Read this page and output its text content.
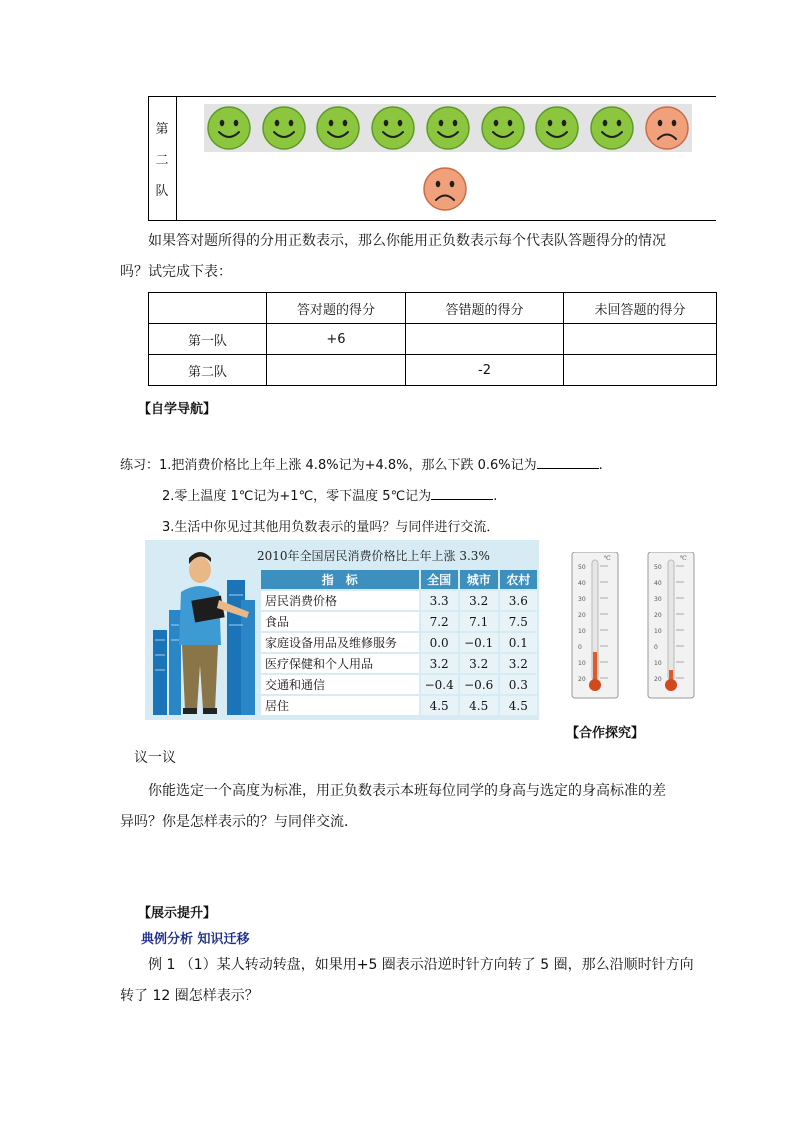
第
二
队
如果答对题所得的分用正数表示，那么你能用正负数表示每个代表队答题得分的情况
吗？试完成下表：
	答对题的得分	答错题的得分	未回答题的得分
第一队	+6		
第二队		-2	
【自学导航】
练习：1.把消费价格比上年上涨 4.8%记为+4.8%，那么下跌 0.6%记为	.
2.零上温度 1℃记为+1℃，零下温度 5℃记为	.
3.生活中你见过其他用负数表示的量吗？与同伴进行交流．
2010年全国居民消费价格比上年上涨 3.3%
指　标	全国	城市	农村
居民消费价格	3.3	3.2	3.6
食品	7.2	7.1	7.5
家庭设备用品及维修服务	0.0	−0.1	0.1
医疗保健和个人用品	3.2	3.2	3.2
交通和通信	−0.4	−0.6	0.3
居住	4.5	4.5	4.5
50
40
30
20
10
0
10
20
℃
50
40
30
20
10
0
10
20
℃
【合作探究】
议一议
你能选定一个高度为标准，用正负数表示本班每位同学的身高与选定的身高标准的差
异吗？你是怎样表示的？与同伴交流．
【展示提升】
典例分析 知识迁移
例 1 （1）某人转动转盘，如果用+5 圈表示沿逆时针方向转了 5 圈，那么沿顺时针方向
转了 12 圈怎样表示？
